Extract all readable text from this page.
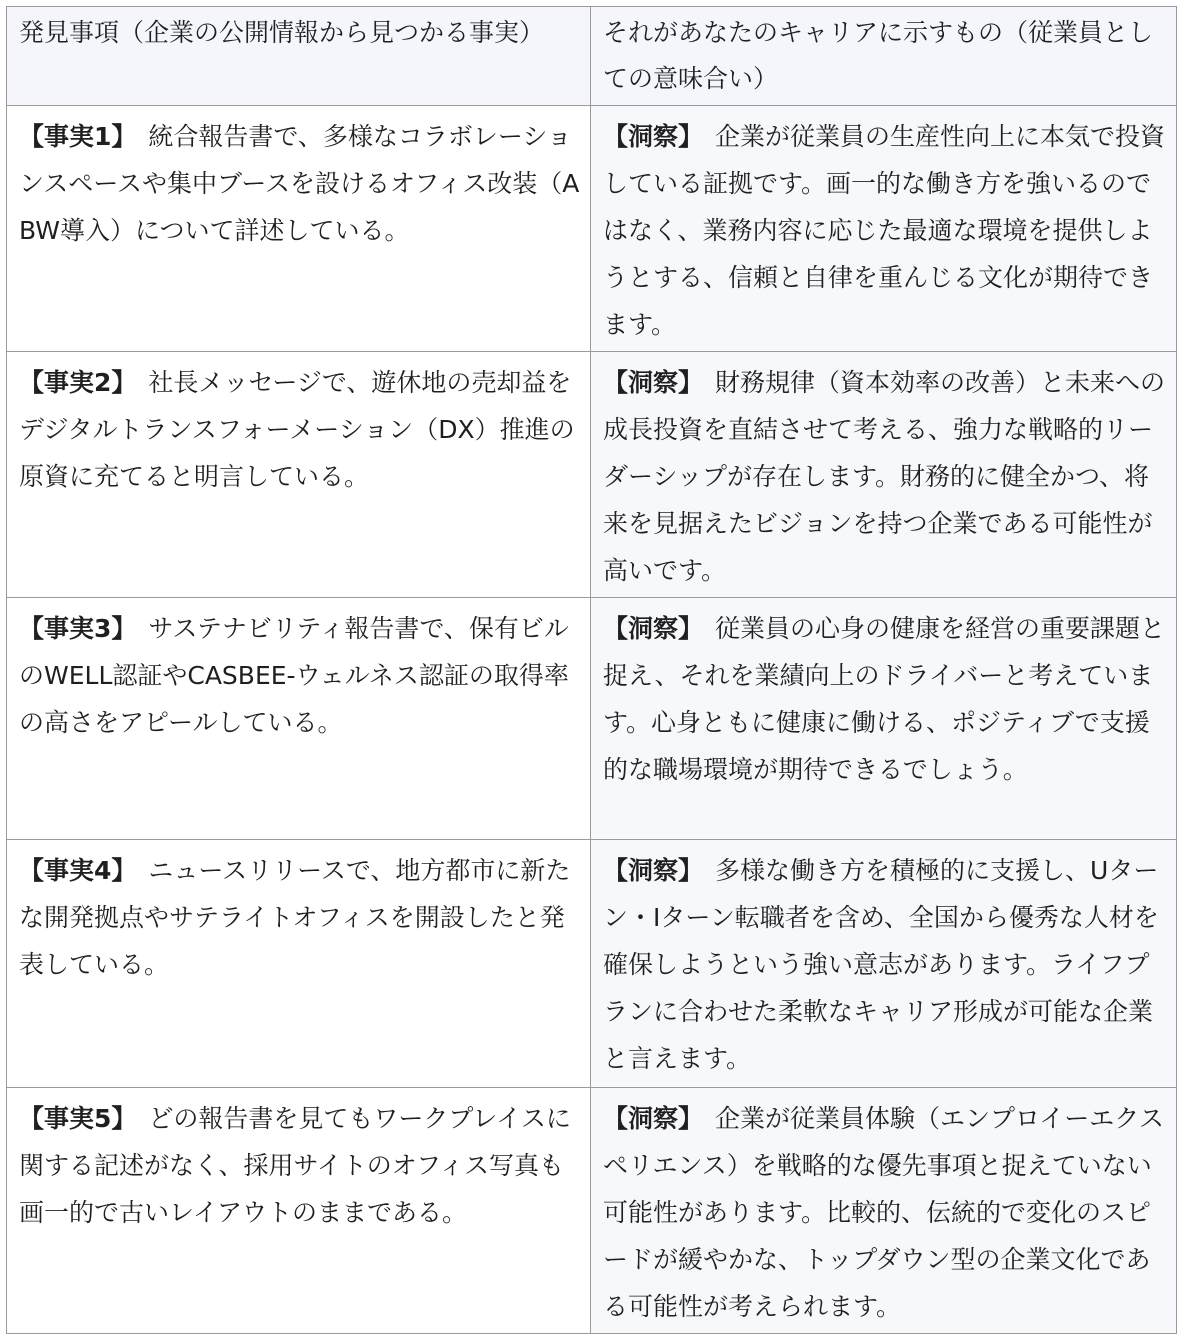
発見事項（企業の公開情報から見つかる事実）	それがあなたのキャリアに示すもの（従業員としての意味合い）
【事実1】 統合報告書で、多様なコラボレーションスペースや集中ブースを設けるオフィス改装（ABW導入）について詳述している。	【洞察】 企業が従業員の生産性向上に本気で投資している証拠です。画一的な働き方を強いるのではなく、業務内容に応じた最適な環境を提供しようとする、信頼と自律を重んじる文化が期待できます。
【事実2】 社長メッセージで、遊休地の売却益をデジタルトランスフォーメーション（DX）推進の原資に充てると明言している。	【洞察】 財務規律（資本効率の改善）と未来への成長投資を直結させて考える、強力な戦略的リーダーシップが存在します。財務的に健全かつ、将来を見据えたビジョンを持つ企業である可能性が高いです。
【事実3】 サステナビリティ報告書で、保有ビルのWELL認証やCASBEE-ウェルネス認証の取得率の高さをアピールしている。	【洞察】 従業員の心身の健康を経営の重要課題と捉え、それを業績向上のドライバーと考えています。心身ともに健康に働ける、ポジティブで支援的な職場環境が期待できるでしょう。
【事実4】 ニュースリリースで、地方都市に新たな開発拠点やサテライトオフィスを開設したと発表している。	【洞察】 多様な働き方を積極的に支援し、Uターン・Iターン転職者を含め、全国から優秀な人材を確保しようという強い意志があります。ライフプランに合わせた柔軟なキャリア形成が可能な企業と言えます。
【事実5】 どの報告書を見てもワークプレイスに関する記述がなく、採用サイトのオフィス写真も画一的で古いレイアウトのままである。	【洞察】 企業が従業員体験（エンプロイーエクスペリエンス）を戦略的な優先事項と捉えていない可能性があります。比較的、伝統的で変化のスピードが緩やかな、トップダウン型の企業文化である可能性が考えられます。
